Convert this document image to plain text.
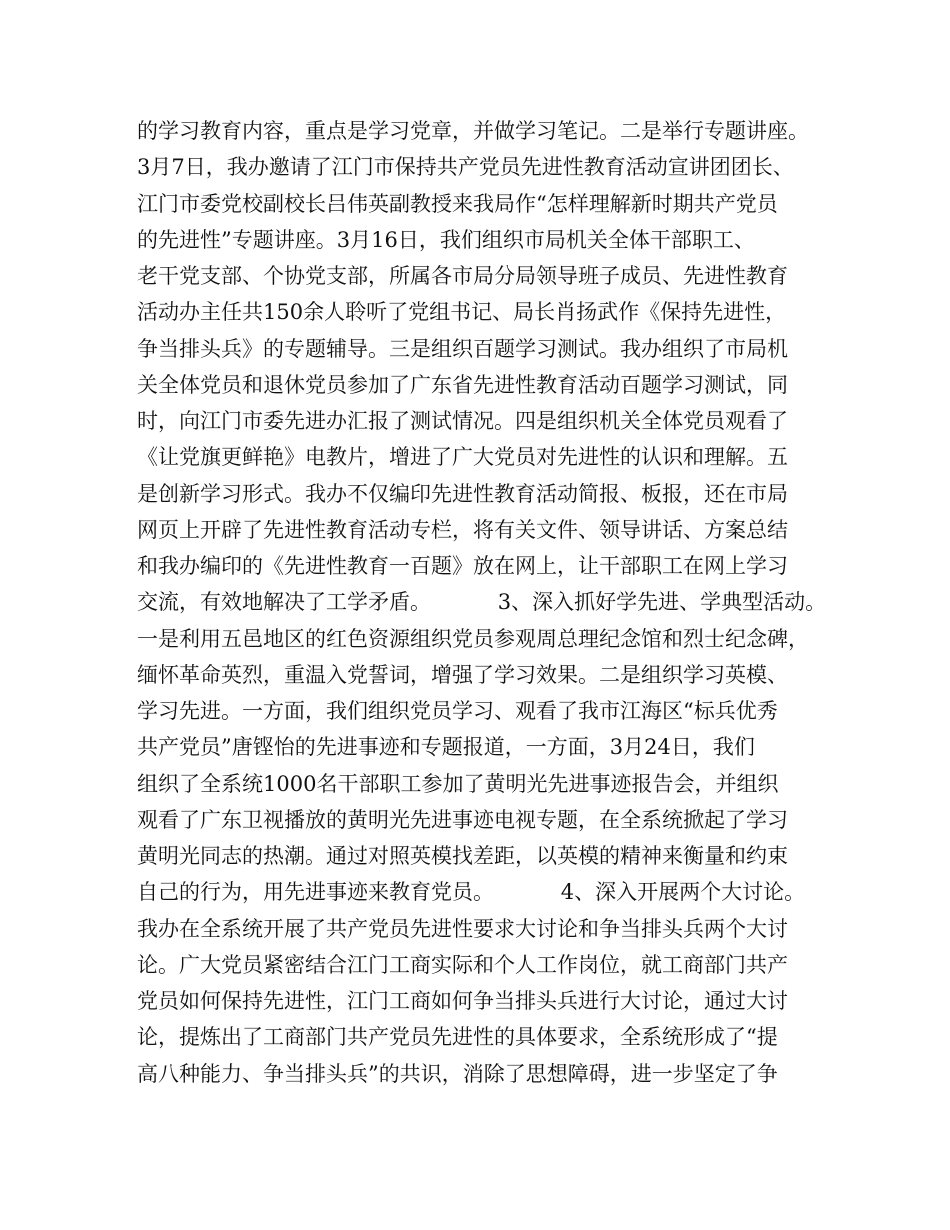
的学习教育内容，重点是学习党章，并做学习笔记。二是举行专题讲座。
3月7日，我办邀请了江门市保持共产党员先进性教育活动宣讲团团长、
江门市委党校副校长吕伟英副教授来我局作“怎样理解新时期共产党员
的先进性”专题讲座。3月16日，我们组织市局机关全体干部职工、
老干党支部、个协党支部，所属各市局分局领导班子成员、先进性教育
活动办主任共150余人聆听了党组书记、局长肖扬武作《保持先进性，
争当排头兵》的专题辅导。三是组织百题学习测试。我办组织了市局机
关全体党员和退休党员参加了广东省先进性教育活动百题学习测试，同
时，向江门市委先进办汇报了测试情况。四是组织机关全体党员观看了
《让党旗更鲜艳》电教片，增进了广大党员对先进性的认识和理解。五
是创新学习形式。我办不仅编印先进性教育活动简报、板报，还在市局
网页上开辟了先进性教育活动专栏，将有关文件、领导讲话、方案总结
和我办编印的《先进性教育一百题》放在网上，让干部职工在网上学习
交流，有效地解决了工学矛盾。          3、深入抓好学先进、学典型活动。
一是利用五邑地区的红色资源组织党员参观周总理纪念馆和烈士纪念碑，
缅怀革命英烈，重温入党誓词，增强了学习效果。二是组织学习英模、
学习先进。一方面，我们组织党员学习、观看了我市江海区“标兵优秀
共产党员”唐铿怡的先进事迹和专题报道，一方面，3月24日，我们
组织了全系统1000名干部职工参加了黄明光先进事迹报告会，并组织
观看了广东卫视播放的黄明光先进事迹电视专题，在全系统掀起了学习
黄明光同志的热潮。通过对照英模找差距，以英模的精神来衡量和约束
自己的行为，用先进事迹来教育党员。          4、深入开展两个大讨论。
我办在全系统开展了共产党员先进性要求大讨论和争当排头兵两个大讨
论。广大党员紧密结合江门工商实际和个人工作岗位，就工商部门共产
党员如何保持先进性，江门工商如何争当排头兵进行大讨论，通过大讨
论，提炼出了工商部门共产党员先进性的具体要求，全系统形成了“提
高八种能力、争当排头兵”的共识，消除了思想障碍，进一步坚定了争
